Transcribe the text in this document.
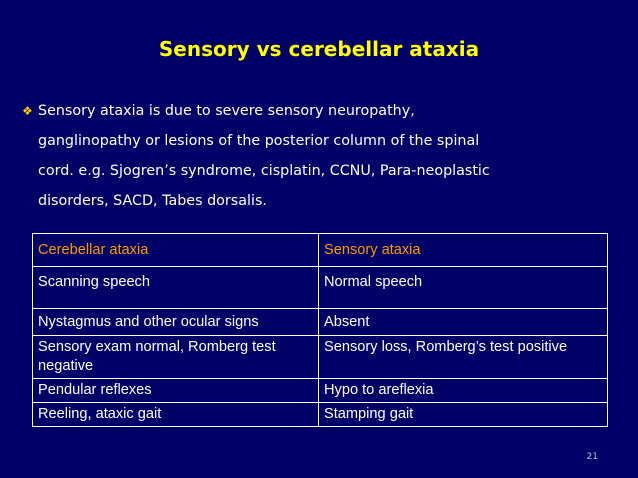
Sensory vs cerebellar ataxia
❖ Sensory ataxia is due to severe sensory neuropathy,
ganglinopathy or lesions of the posterior column of the spinal
cord. e.g. Sjogren’s syndrome, cisplatin, CCNU, Para-neoplastic
disorders, SACD, Tabes dorsalis.
Cerebellar ataxia	Sensory ataxia
Scanning speech	Normal speech
Nystagmus and other ocular signs	Absent
Sensory exam normal, Romberg test negative	Sensory loss, Romberg’s test positive
Pendular reflexes	Hypo to areflexia
Reeling, ataxic gait	Stamping gait
21
